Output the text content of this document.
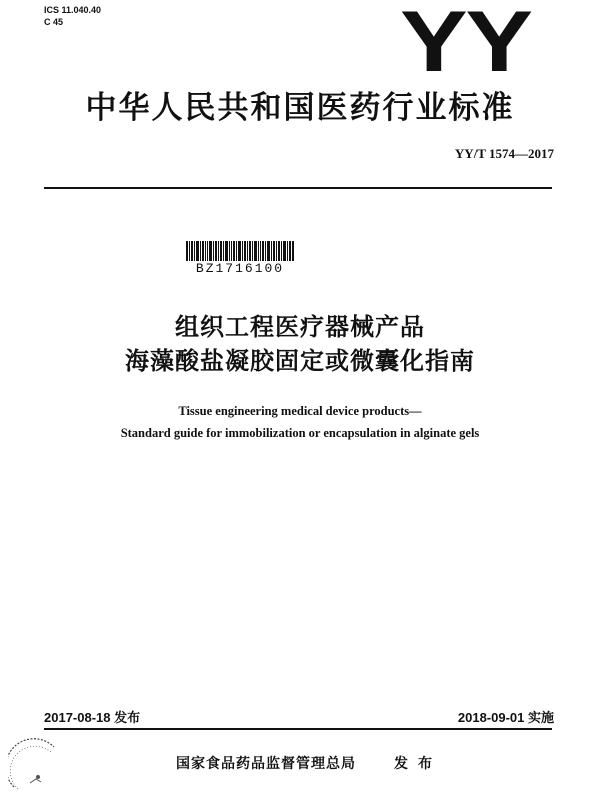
ICS 11.040.40
C 45	YY
中华人民共和国医药行业标准
YY/T 1574—2017
BZ1716100
组织工程医疗器械产品
海藻酸盐凝胶固定或微囊化指南
Tissue engineering medical device products—
Standard guide for immobilization or encapsulation in alginate gels
2017-08-18 发布	2018-09-01 实施
国家食品药品监督管理总局	发布
